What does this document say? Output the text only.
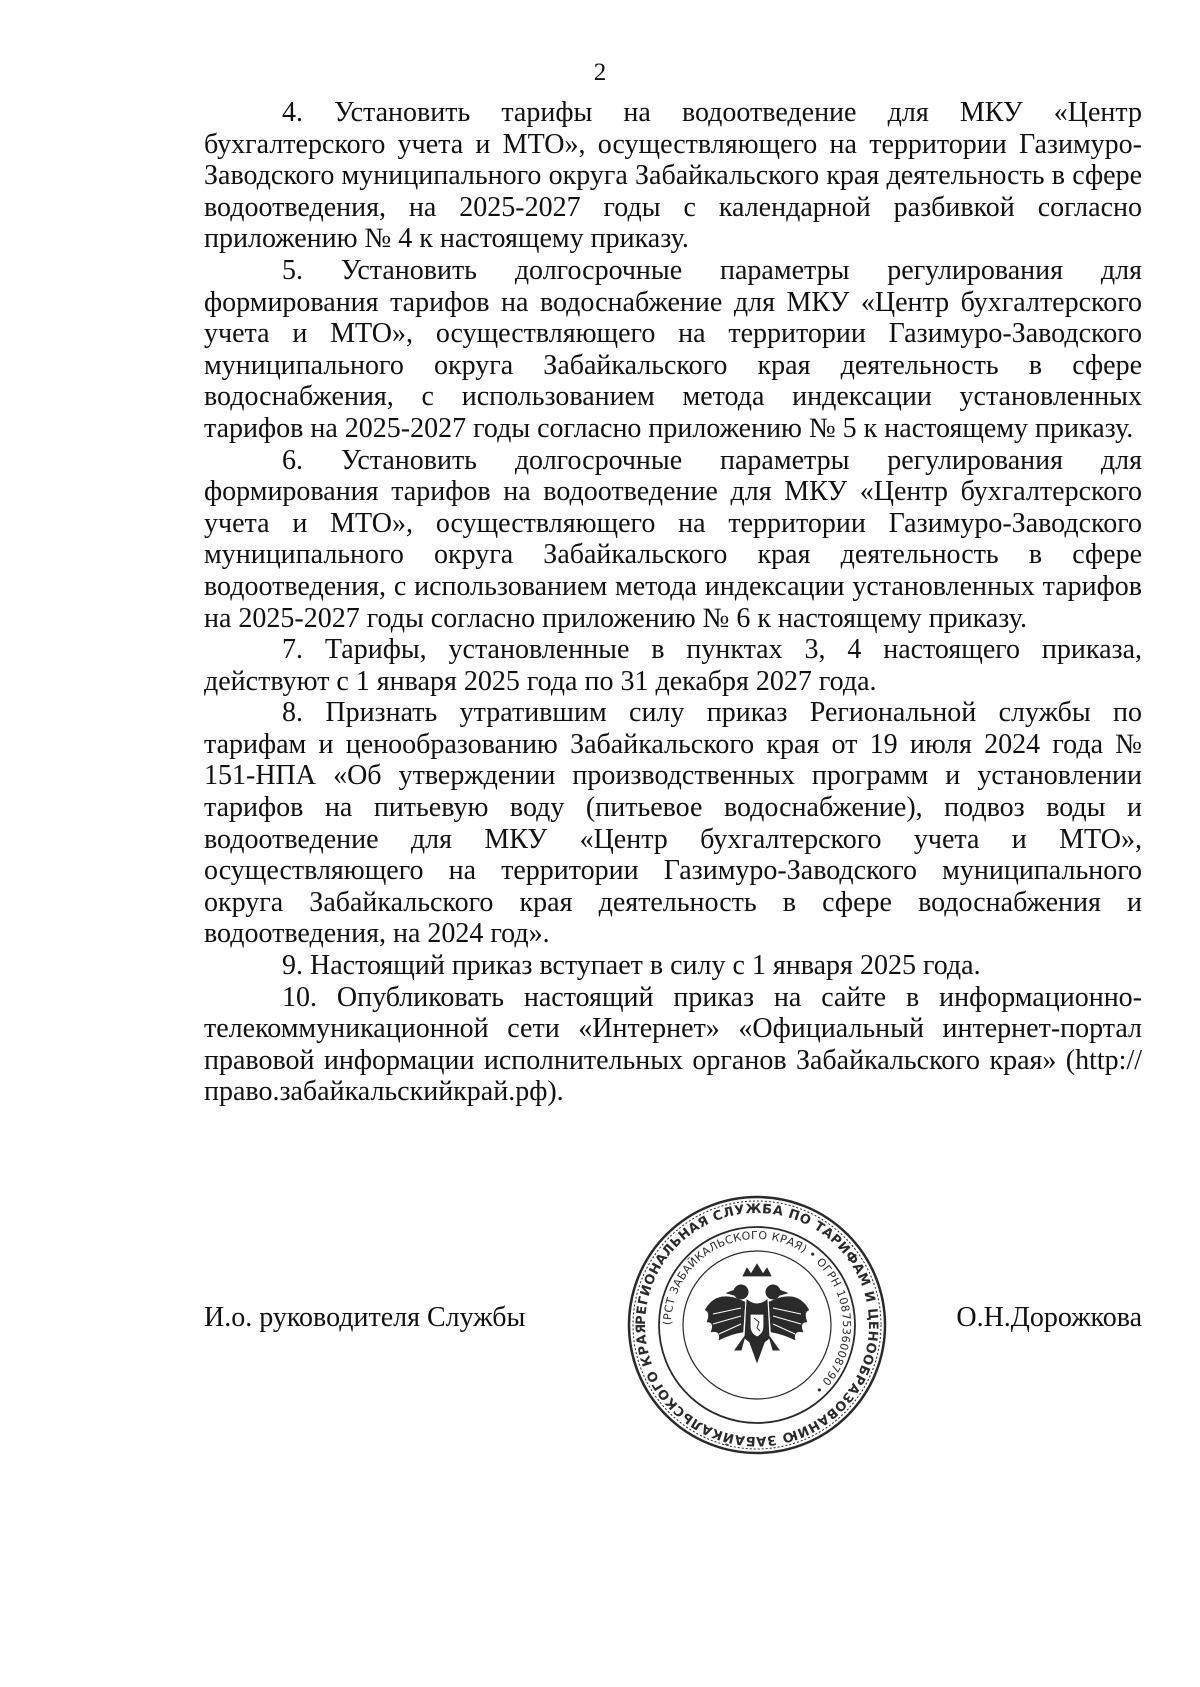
2

4. Установить тарифы на водоотведение для МКУ «Центр бухгалтерского учета и МТО», осуществляющего на территории Газимуро-Заводского муниципального округа Забайкальского края деятельность в сфере водоотведения, на 2025-2027 годы с календарной разбивкой согласно приложению № 4 к настоящему приказу.

5. Установить долгосрочные параметры регулирования для формирования тарифов на водоснабжение для МКУ «Центр бухгалтерского учета и МТО», осуществляющего на территории Газимуро-Заводского муниципального округа Забайкальского края деятельность в сфере водоснабжения, с использованием метода индексации установленных тарифов на 2025-2027 годы согласно приложению № 5 к настоящему приказу.

6. Установить долгосрочные параметры регулирования для формирования тарифов на водоотведение для МКУ «Центр бухгалтерского учета и МТО», осуществляющего на территории Газимуро-Заводского муниципального округа Забайкальского края деятельность в сфере водоотведения, с использованием метода индексации установленных тарифов на 2025-2027 годы согласно приложению № 6 к настоящему приказу.

7. Тарифы, установленные в пунктах 3, 4 настоящего приказа, действуют с 1 января 2025 года по 31 декабря 2027 года.

8. Признать утратившим силу приказ Региональной службы по тарифам и ценообразованию Забайкальского края от 19 июля 2024 года № 151-НПА «Об утверждении производственных программ и установлении тарифов на питьевую воду (питьевое водоснабжение), подвоз воды и водоотведение для МКУ «Центр бухгалтерского учета и МТО», осуществляющего на территории Газимуро-Заводского муниципального округа Забайкальского края деятельность в сфере водоснабжения и водоотведения, на 2024 год».

9. Настоящий приказ вступает в силу с 1 января 2025 года.

10. Опубликовать настоящий приказ на сайте в информационно-телекоммуникационной сети «Интернет» «Официальный интернет-портал правовой информации исполнительных органов Забайкальского края» (http://право.забайкальскийкрай.рф).

РЕГИОНАЛЬНАЯ СЛУЖБА ПО ТАРИФАМ И ЦЕНООБРАЗОВАНИЮ ЗАБАЙКАЛЬСКОГО КРАЯ
(РСТ ЗАБАЙКАЛЬСКОГО КРАЯ) • ОГРН 1087536008790 •
И.о. руководителя Службы	О.Н.Дорожкова
